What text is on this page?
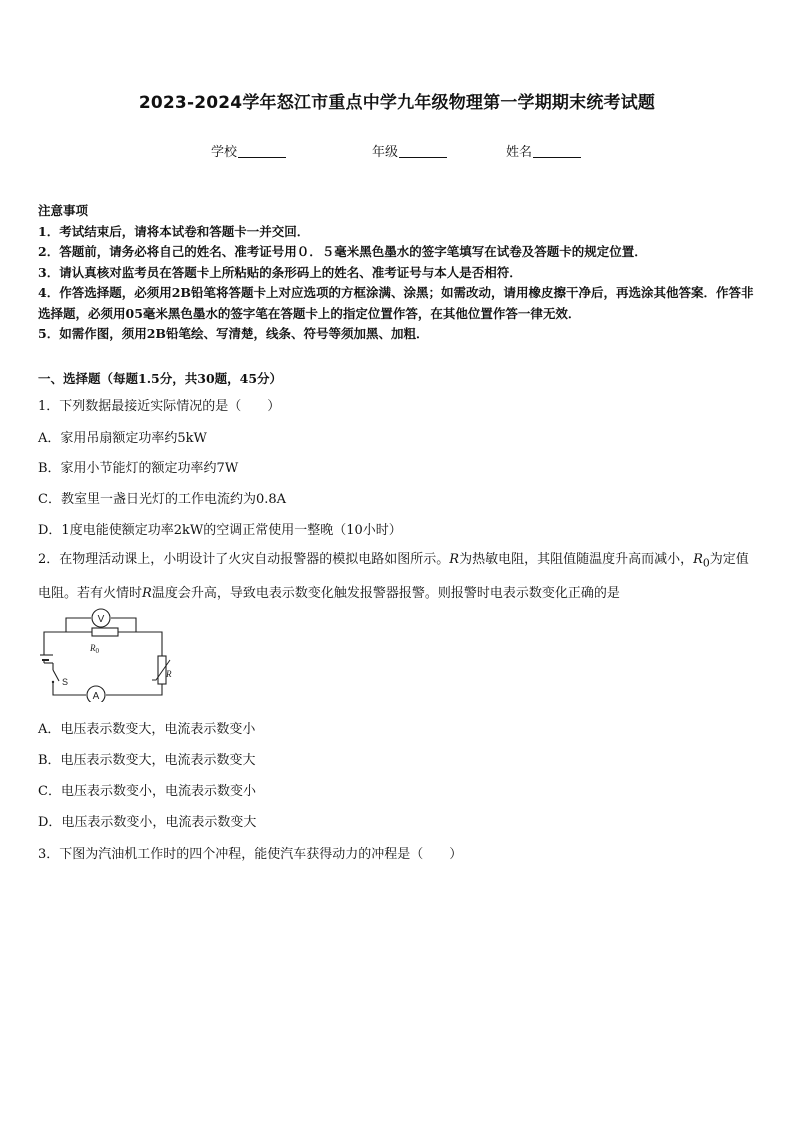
2023-2024学年怒江市重点中学九年级物理第一学期期末统考试题
学校	年级	姓名
注意事项
1．考试结束后，请将本试卷和答题卡一并交回．
2．答题前，请务必将自己的姓名、准考证号用０．５毫米黑色墨水的签字笔填写在试卷及答题卡的规定位置．
3．请认真核对监考员在答题卡上所粘贴的条形码上的姓名、准考证号与本人是否相符．
4．作答选择题，必须用2B铅笔将答题卡上对应选项的方框涂满、涂黑；如需改动，请用橡皮擦干净后，再选涂其他答案．作答非选择题，必须用05毫米黑色墨水的签字笔在答题卡上的指定位置作答，在其他位置作答一律无效．
5．如需作图，须用2B铅笔绘、写清楚，线条、符号等须加黑、加粗．
一、选择题（每题1.5分，共30题，45分）
1．下列数据最接近实际情况的是（　　）
A．家用吊扇额定功率约5kW
B．家用小节能灯的额定功率约7W
C．教室里一盏日光灯的工作电流约为0.8A
D．1度电能使额定功率2kW的空调正常使用一整晚（10小时）
2．在物理活动课上，小明设计了火灾自动报警器的模拟电路如图所示。R为热敏电阻，其阻值随温度升高而减小，$R_0$为定值电阻。若有火情时R温度会升高，导致电表示数变化触发报警器报警。则报警时电表示数变化正确的是
V
A
$R_0$
R
S
A．电压表示数变大，电流表示数变小
B．电压表示数变大，电流表示数变大
C．电压表示数变小，电流表示数变小
D．电压表示数变小，电流表示数变大
3．下图为汽油机工作时的四个冲程，能使汽车获得动力的冲程是（　　）
